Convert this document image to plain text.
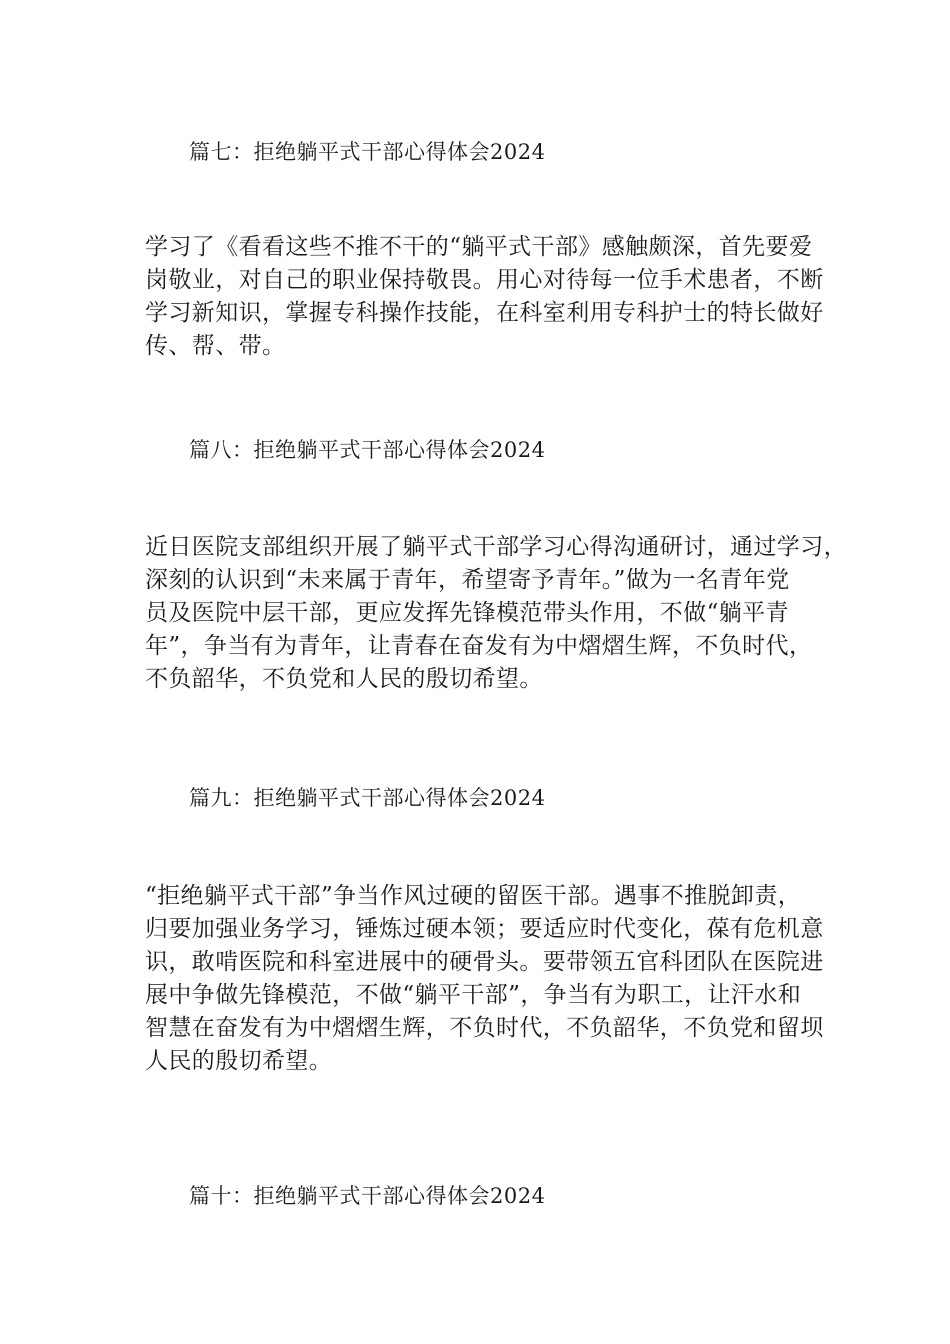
篇七：拒绝躺平式干部心得体会2024
学习了《看看这些不推不干的“躺平式干部》感触颇深，首先要爱
岗敬业，对自己的职业保持敬畏。用心对待每一位手术患者，不断
学习新知识，掌握专科操作技能，在科室利用专科护士的特长做好
传、帮、带。
篇八：拒绝躺平式干部心得体会2024
近日医院支部组织开展了躺平式干部学习心得沟通研讨，通过学习，
深刻的认识到“未来属于青年，希望寄予青年。”做为一名青年党
员及医院中层干部，更应发挥先锋模范带头作用，不做“躺平青
年”，争当有为青年，让青春在奋发有为中熠熠生辉，不负时代，
不负韶华，不负党和人民的殷切希望。
篇九：拒绝躺平式干部心得体会2024
“拒绝躺平式干部”争当作风过硬的留医干部。遇事不推脱卸责，
归要加强业务学习，锤炼过硬本领；要适应时代变化，葆有危机意
识，敢啃医院和科室进展中的硬骨头。要带领五官科团队在医院进
展中争做先锋模范，不做“躺平干部”，争当有为职工，让汗水和
智慧在奋发有为中熠熠生辉，不负时代，不负韶华，不负党和留坝
人民的殷切希望。
篇十：拒绝躺平式干部心得体会2024
